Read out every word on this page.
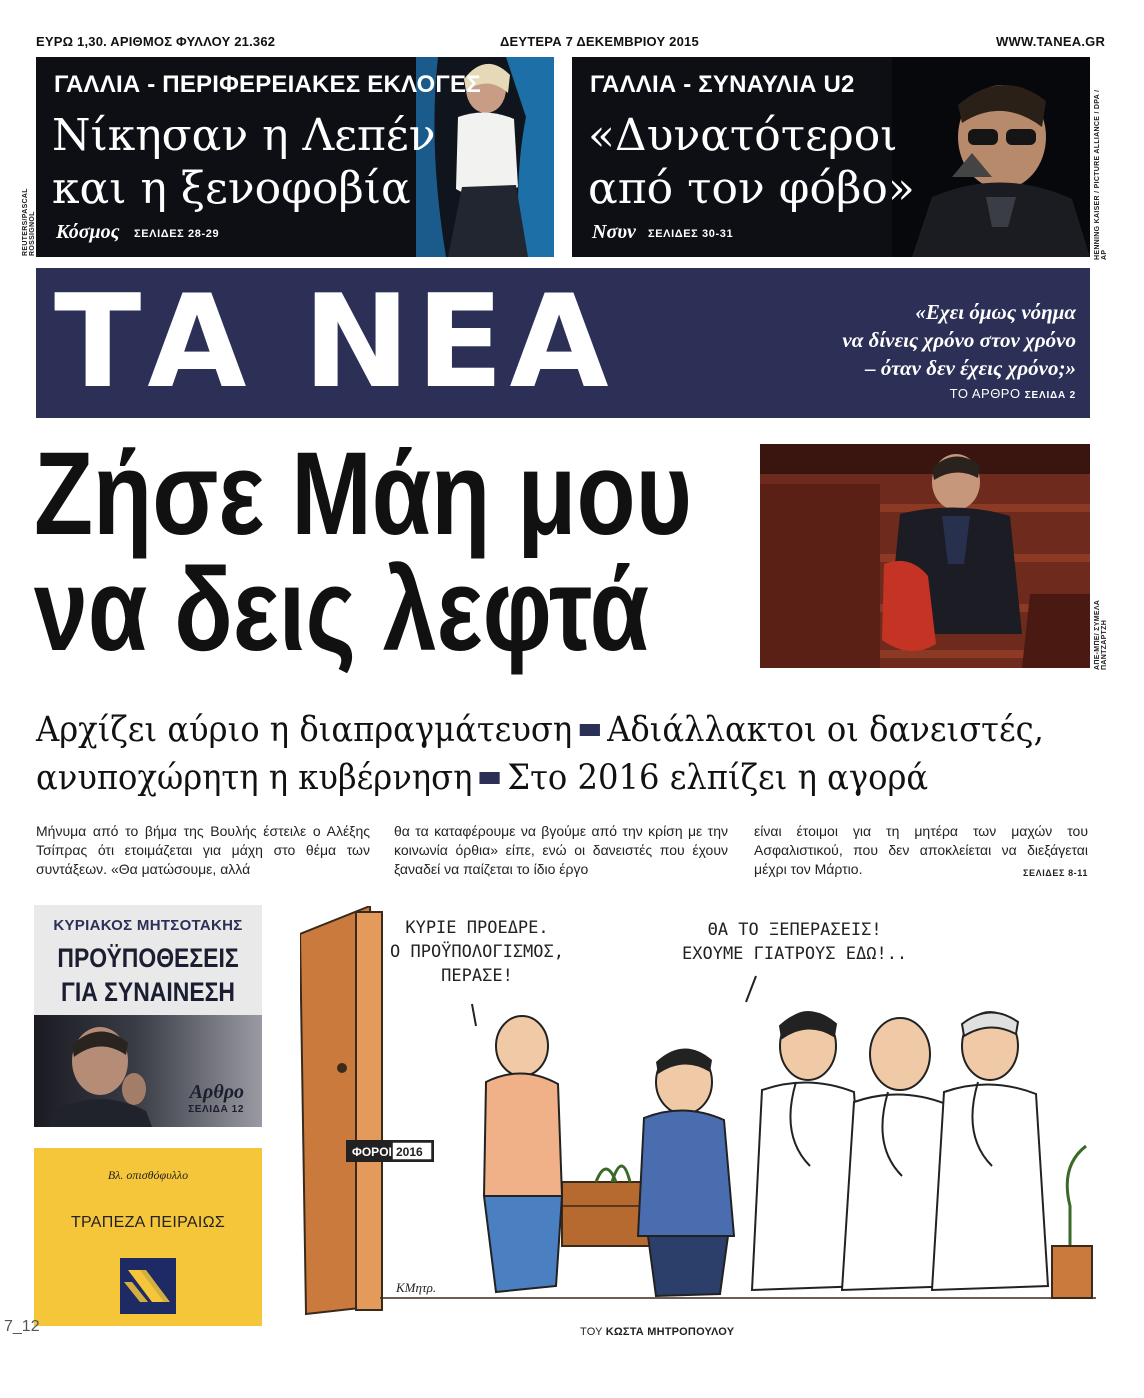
ΕΥΡΩ 1,30. ΑΡΙΘΜΟΣ ΦΥΛΛΟΥ 21.362	ΔΕΥΤΕΡΑ 7 ΔΕΚΕΜΒΡΙΟΥ 2015	WWW.TANEA.GR
ΓΑΛΛΙΑ - ΠΕΡΙΦΕΡΕΙΑΚΕΣ ΕΚΛΟΓΕΣ
Νίκησαν η Λεπέν
και η ξενοφοβία
Κόσμος ΣΕΛΙΔΕΣ 28-29
REUTERS/PASCAL ROSSIGNOL
ΓΑΛΛΙΑ - ΣΥΝΑΥΛΙΑ U2
«Δυνατότεροι
από τον φόβο»
Νσυν ΣΕΛΙΔΕΣ 30-31	HENNING KAISER / PICTURE ALLIANCE / DPA / AP
ΤΑ ΝΕΑ	«Εχει όμως νόημα
να δίνεις χρόνο στον χρόνο
– όταν δεν έχεις χρόνο;»
ΤΟ ΑΡΘΡΟ ΣΕΛΙΔΑ 2
Ζήσε Μάη μου
να δεις λεφτά	ΑΠΕ-ΜΠΕ/ ΣΥΜΕΛΑ ΠΑΝΤΖΑΡΤΖΗ
Αρχίζει αύριο η διαπραγμάτευση Αδιάλλακτοι οι δανειστές,
ανυποχώρητη η κυβέρνηση Στο 2016 ελπίζει η αγορά
Μήνυμα από το βήμα της Βουλής έστειλε ο Αλέξης Τσίπρας ότι ετοιμάζεται για μάχη στο θέμα των συντάξεων. «Θα ματώσουμε, αλλά
θα τα καταφέρουμε να βγούμε από την κρίση με την κοινωνία όρθια» είπε, ενώ οι δανειστές που έχουν ξαναδεί να παίζεται το ίδιο έργο
είναι έτοιμοι για τη μητέρα των μαχών του Ασφαλιστικού, που δεν αποκλείεται να διεξάγεται μέχρι τον Μάρτιο.	ΣΕΛΙΔΕΣ 8-11
ΚΥΡΙΑΚΟΣ ΜΗΤΣΟΤΑΚΗΣ
ΠΡΟΫΠΟΘΕΣΕΙΣ
ΓΙΑ ΣΥΝΑΙΝΕΣΗ
Αρθρο
ΣΕΛΙΔΑ 12
Βλ. οπισθόφυλλο
ΤΡΑΠΕΖΑ ΠΕΙΡΑΙΩΣ
ΦΟΡΟΙ 2016
ΚΥΡΙΕ ΠΡΟΕΔΡΕ.
Ο ΠΡΟΫΠΟΛΟΓΙΣΜΟΣ,
ΠΕΡΑΣΕ!
ΘΑ ΤΟ ΞΕΠΕΡΑΣΕΙΣ!
ΕΧΟΥΜΕ ΓΙΑΤΡΟΥΣ ΕΔΩ!..
ΚΜητρ.
ΤΟΥ ΚΩΣΤΑ ΜΗΤΡΟΠΟΥΛΟΥ
7_12
